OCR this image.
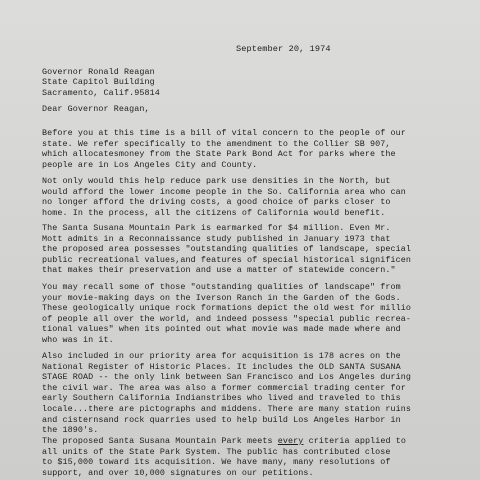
September 20, 1974
Governor Ronald Reagan
State Capitol Building
Sacramento, Calif.95814
Dear Governor Reagan,
Before you at this time is a bill of vital concern to the people of our
state. We refer specifically to the amendment to the Collier SB 907,
which allocatesmoney from the State Park Bond Act for parks where the
people are in Los Angeles City and County.
Not only would this help reduce park use densities in the North, but
would afford the lower income people in the So. California area who can
no longer afford the driving costs, a good choice of parks closer to
home. In the process, all the citizens of California would benefit.
The Santa Susana Mountain Park is earmarked for $4 million. Even Mr.
Mott admits in a Reconnaissance study published in January 1973 that
the proposed area possesses "outstanding qualities of landscape, special
public recreational values,and features of special historical significen
that makes their preservation and use a matter of statewide concern."
You may recall some of those "outstanding qualities of landscape" from
your movie-making days on the Iverson Ranch in the Garden of the Gods.
These geologically unique rock formations depict the old west for millio
of people all over the world, and indeed possess "special public recrea-
tional values" when its pointed out what movie was made made where and
who was in it.
Also included in our priority area for acquisition is 178 acres on the
National Register of Historic Places. It includes the OLD SANTA SUSANA
STAGE ROAD -- the only link between San Francisco and Los Angeles during
the civil war. The area was also a former commercial trading center for
early Southern California Indianstribes who lived and traveled to this
locale...there are pictographs and middens. There are many station ruins
and cisternsand rock quarries used to help build Los Angeles Harbor in
the 1890's.
The proposed Santa Susana Mountain Park meets every criteria applied to
all units of the State Park System. The public has contributed close
to $15,000 toward its acquisition. We have many, many resolutions of
support, and over 10,000 signatures on our petitions.
